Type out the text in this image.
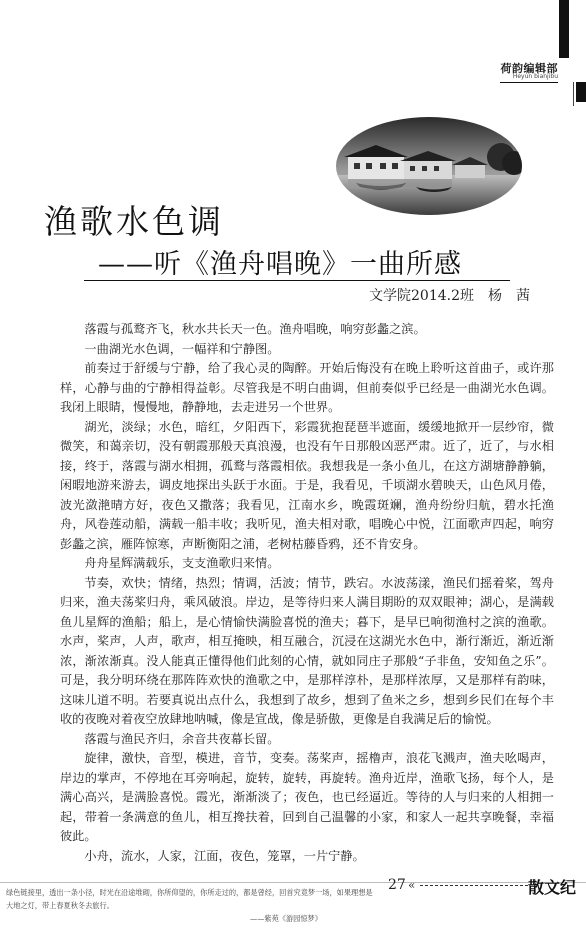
荷韵编辑部
Heyun bianjibu
渔歌水色调
——听《渔舟唱晚》一曲所感
文学院2014.2班　杨　茜

落霞与孤鹜齐飞，秋水共长天一色。渔舟唱晚，响穷彭蠡之滨。

一曲湖光水色调，一幅祥和宁静图。

前奏过于舒缓与宁静，给了我心灵的陶醉。开始后悔没有在晚上聆听这首曲子，或许那样，心静与曲的宁静相得益彰。尽管我是不明白曲调，但前奏似乎已经是一曲湖光水色调。我闭上眼睛，慢慢地，静静地，去走进另一个世界。

湖光，淡绿；水色，暗红，夕阳西下，彩霞犹抱琵琶半遮面，缓缓地掀开一层纱帘，微微笑，和蔼亲切，没有朝霞那般天真浪漫，也没有午日那般凶恶严肃。近了，近了，与水相接，终于，落霞与湖水相拥，孤鹜与落霞相依。我想我是一条小鱼儿，在这方湖塘静静躺，闲暇地游来游去，调皮地探出头跃于水面。于是，我看见，千顷湖水碧映天，山色风月倦，波光潋滟晴方好，夜色又撒落；我看见，江南水乡，晚霞斑斓，渔舟纷纷归航，碧水托渔舟，风卷莲动船，满载一船丰收；我听见，渔夫相对歌，唱晚心中悦，江面歌声四起，响穷彭蠡之滨，雁阵惊寒，声断衡阳之浦，老树枯藤昏鸦，还不肯安身。

舟舟星辉满载乐，支支渔歌归来情。

节奏，欢快；情绪，热烈；情调，活波；情节，跌宕。水波荡漾，渔民们摇着桨，驾舟归来，渔夫荡桨归舟，乘风破浪。岸边，是等待归来人满目期盼的双双眼神；湖心，是满载鱼儿星辉的渔船；船上，是心情愉快满脸喜悦的渔夫；暮下，是早已响彻渔村之滨的渔歌。水声，桨声，人声，歌声，相互掩映，相互融合，沉浸在这湖光水色中，渐行渐近，渐近渐浓，渐浓渐真。没人能真正懂得他们此刻的心情，就如同庄子那般“子非鱼，安知鱼之乐”。可是，我分明环绕在那阵阵欢快的渔歌之中，是那样淳朴，是那样浓厚，又是那样有韵味，这味儿道不明。若要真说出点什么，我想到了故乡，想到了鱼米之乡，想到乡民们在每个丰收的夜晚对着夜空放肆地呐喊，像是宣战，像是骄傲，更像是自我满足后的愉悦。

落霞与渔民齐归，余音共夜幕长留。

旋律，激快，音型，模进，音节，变奏。荡桨声，摇橹声，浪花飞溅声，渔夫吆喝声，岸边的掌声，不停地在耳旁响起，旋转，旋转，再旋转。渔舟近岸，渔歌飞扬，每个人，是满心高兴，是满脸喜悦。霞光，渐渐淡了；夜色，也已经逼近。等待的人与归来的人相拥一起，带着一条满意的鱼儿，相互搀扶着，回到自己温馨的小家，和家人一起共享晚餐，幸福彼此。

小舟，流水，人家，江面，夜色，笼罩，一片宁静。

绿色链接里，透出一条小径，时光在沿途堆砌，你所仰望的，你所走过的，都是曾经，回首究竟梦一场，如果理想是大地之灯，带上春夏秋冬去旅行。
——紫苑《游园惊梦》
27 «	散文纪
